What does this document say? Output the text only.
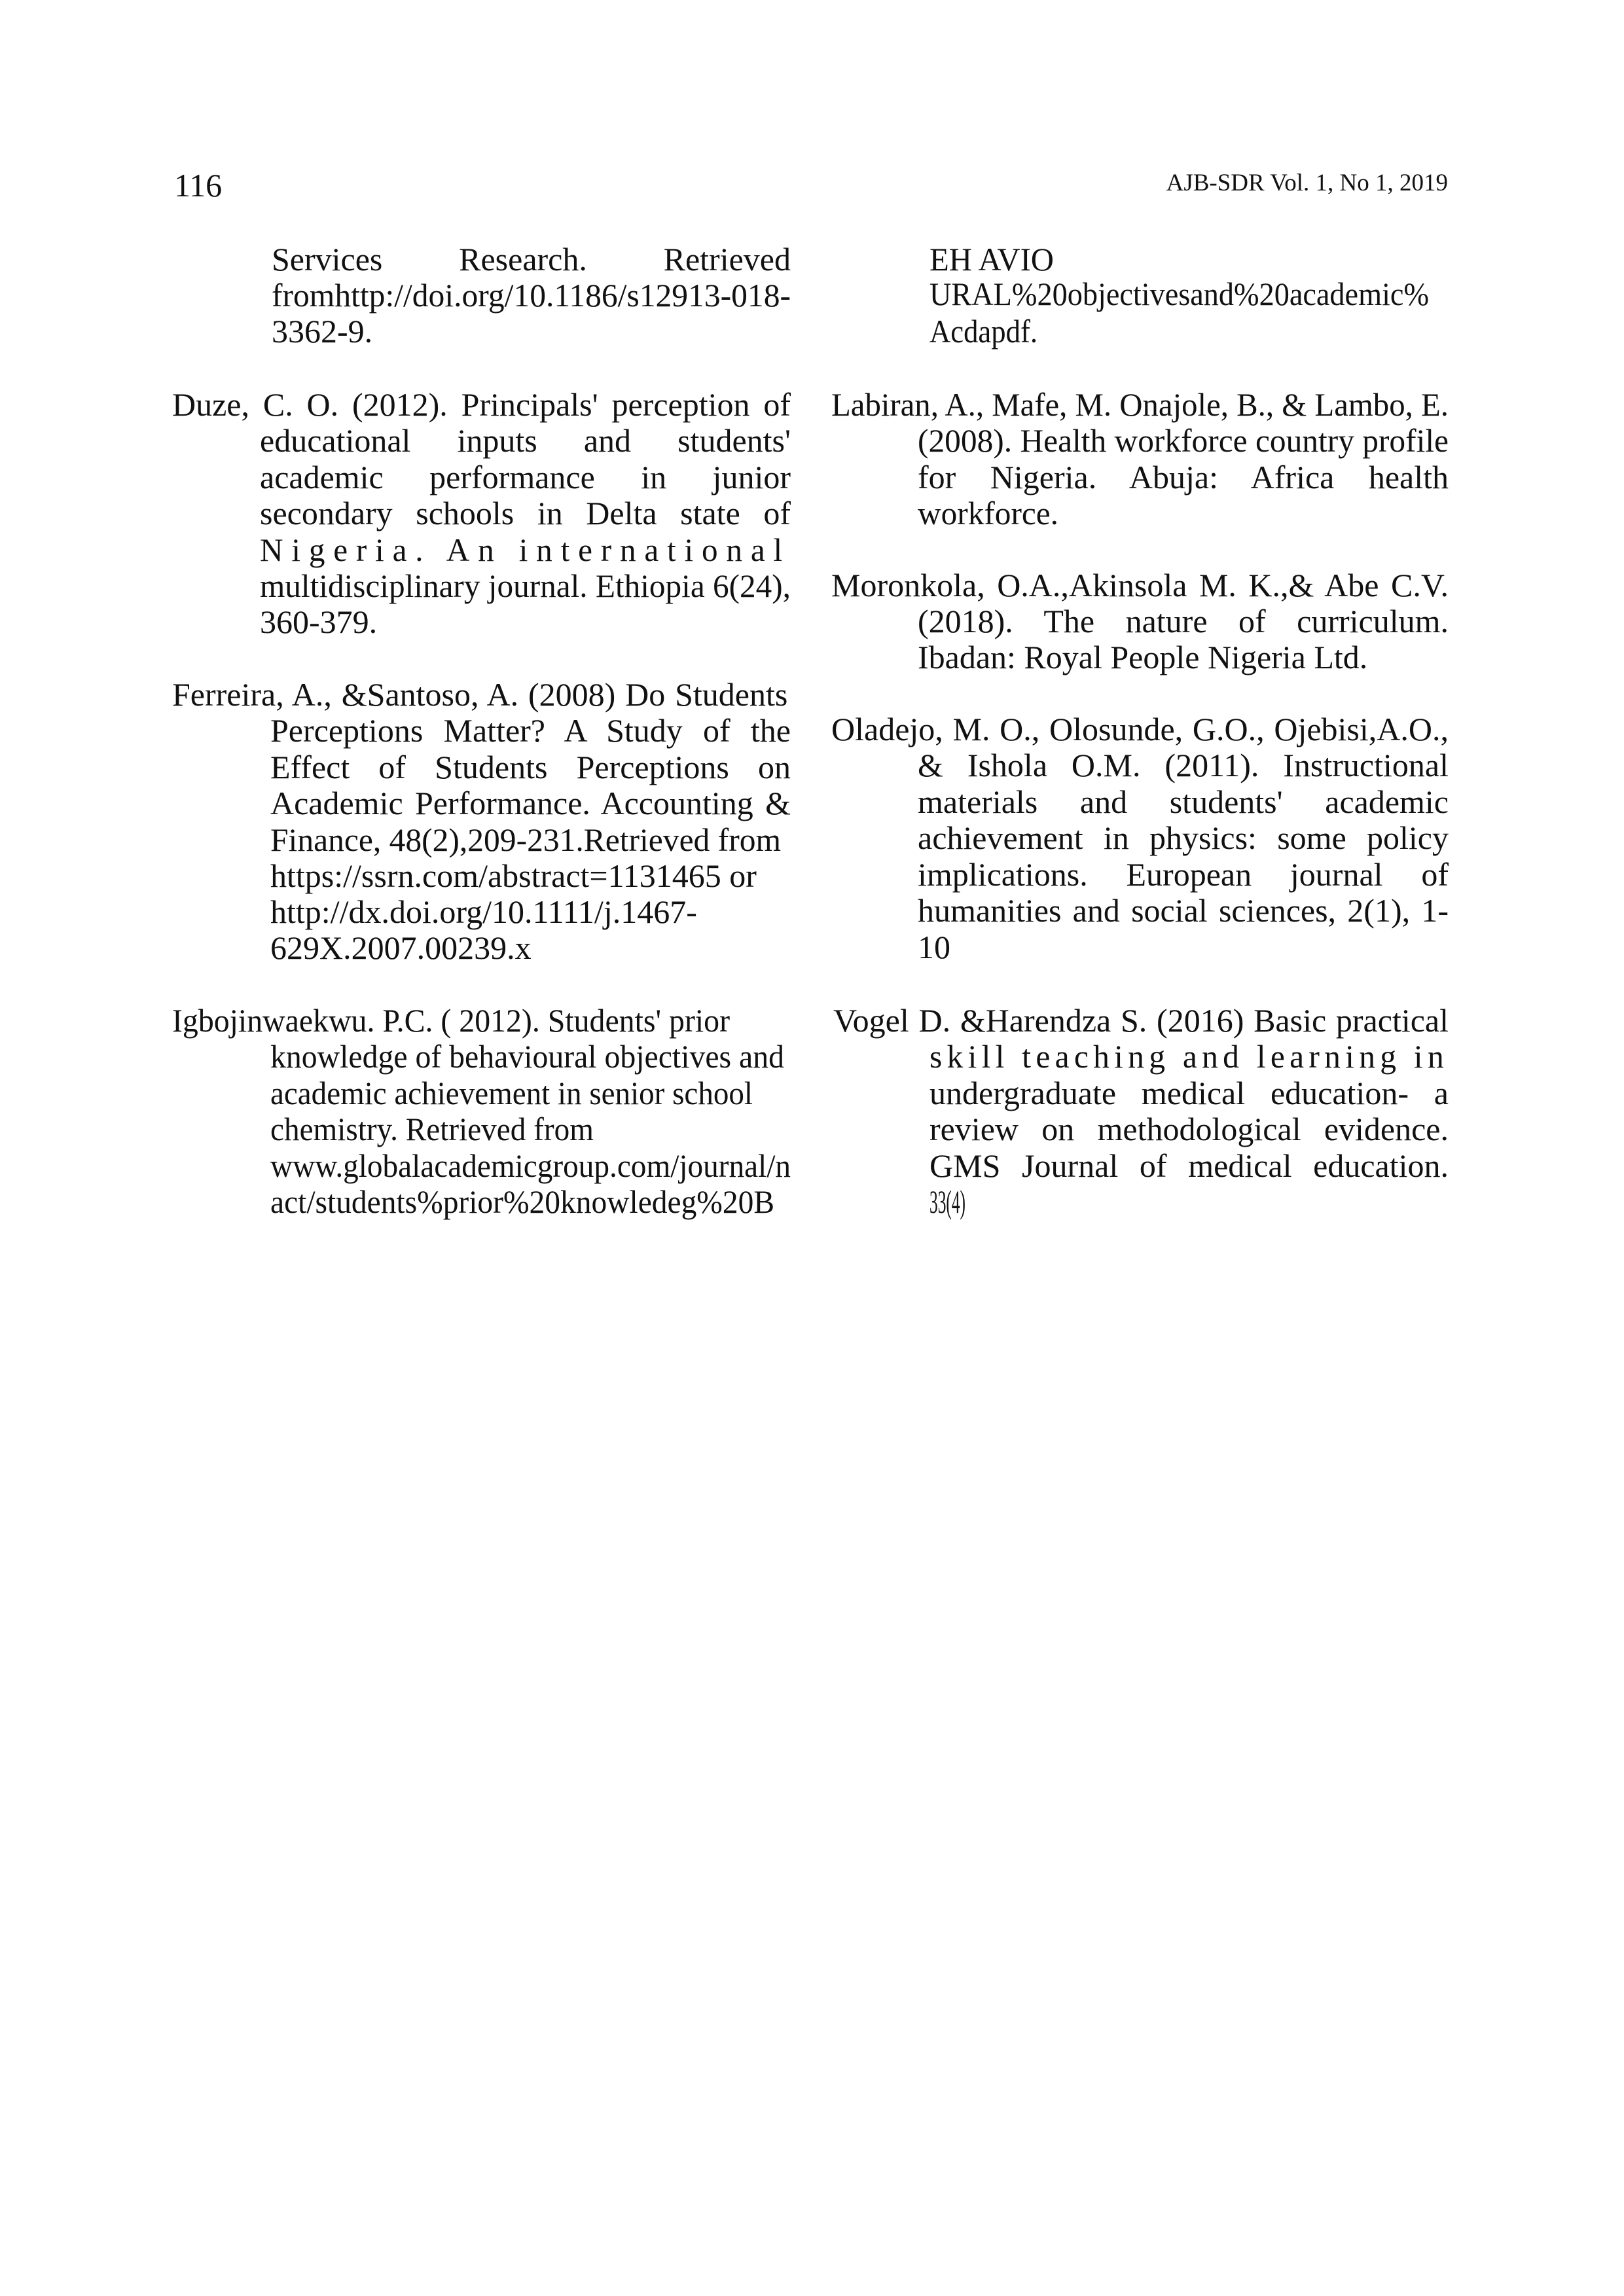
116	AJB-SDR Vol. 1, No 1, 2019
Services Research. Retrieved
fromhttp://doi.org/10.1186/s12913-018-
3362-9.
Duze, C. O. (2012). Principals' perception of
educational inputs and students'
academic performance in junior
secondary schools in Delta state of
Nigeria. An international
multidisciplinary journal. Ethiopia 6(24),
360-379.
Ferreira, A., &Santoso, A. (2008) Do Students
Perceptions Matter? A Study of the
Effect of Students Perceptions on
Academic Performance. Accounting &
Finance, 48(2),209-231.Retrieved from
https://ssrn.com/abstract=1131465 or
http://dx.doi.org/10.1111/j.1467-
629X.2007.00239.x
Igbojinwaekwu. P.C. ( 2012). Students' prior
knowledge of behavioural objectives and
academic achievement in senior school
chemistry. Retrieved from
www.globalacademicgroup.com/journal/n
act/students%prior%20knowledeg%20B
EH AVIO
URAL%20objectivesand%20academic%
Acdapdf.
Labiran, A., Mafe, M. Onajole, B., & Lambo, E.
(2008). Health workforce country profile
for Nigeria. Abuja: Africa health
workforce.
Moronkola, O.A.,Akinsola M. K.,& Abe C.V.
(2018). The nature of curriculum.
Ibadan: Royal People Nigeria Ltd.
Oladejo, M. O., Olosunde, G.O., Ojebisi,A.O.,
& Ishola O.M. (2011). Instructional
materials and students' academic
achievement in physics: some policy
implications. European journal of
humanities and social sciences, 2(1), 1-
10
Vogel D. &Harendza S. (2016) Basic practical
skill teaching and learning in
undergraduate medical education- a
review on methodological evidence.
GMS Journal of medical education.
33(4)
